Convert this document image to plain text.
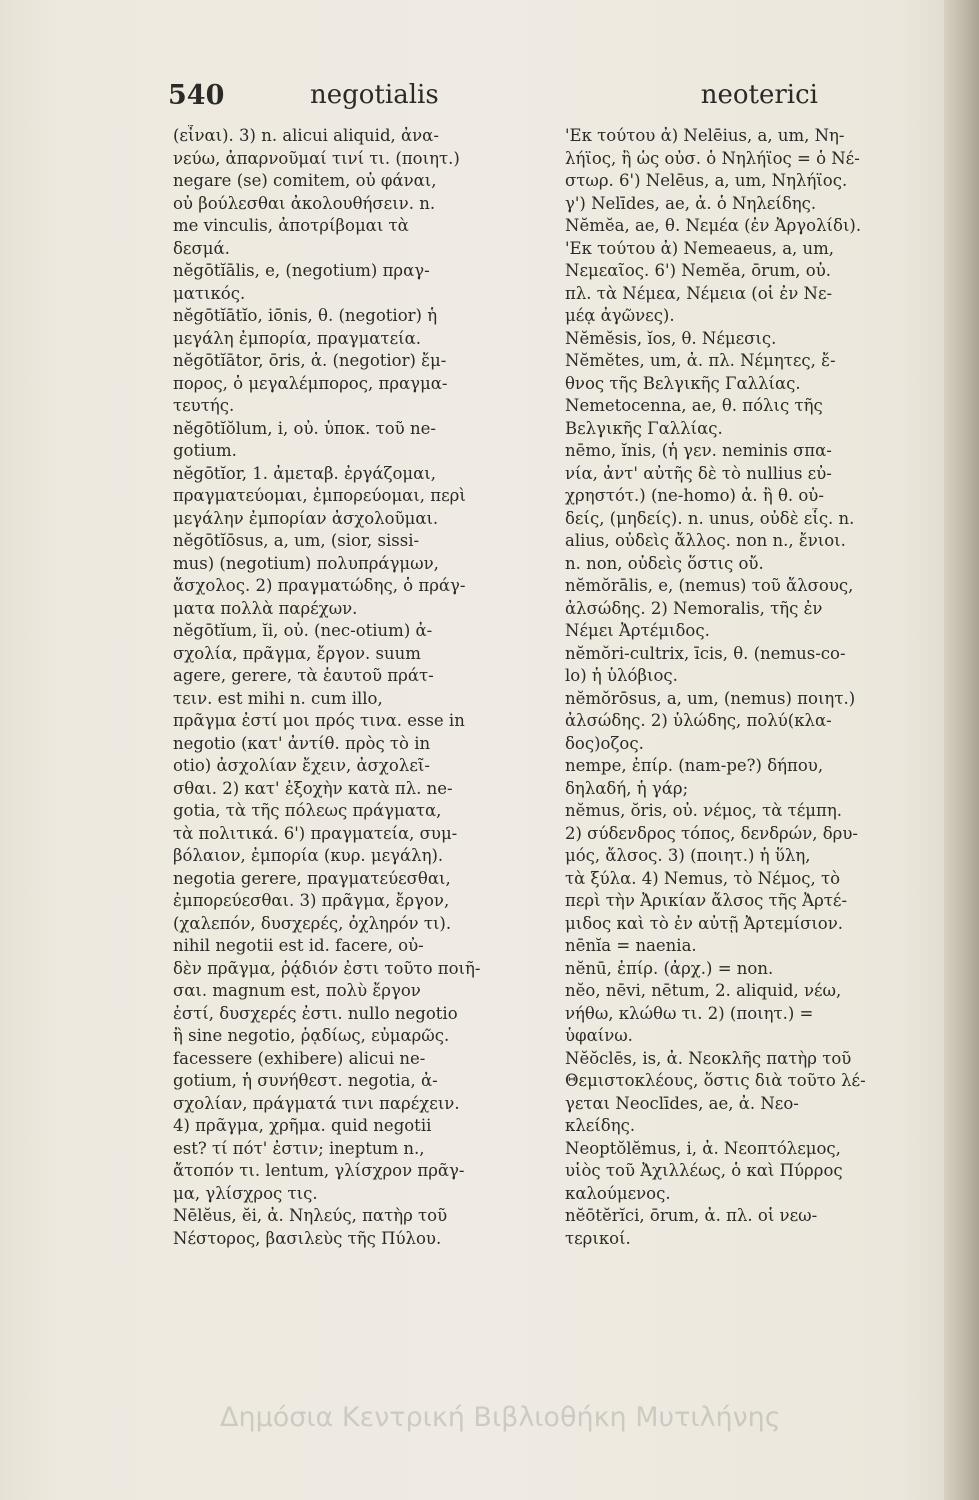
540	negotialis	neoterici
(εἶναι). 3) n. alicui aliquid, ἀνα-
νεύω, ἀπαρνοῦμαί τινί τι. (ποιητ.)
negare (se) comitem, οὐ φάναι,
οὐ βούλεσθαι ἀκολουθήσειν. n.
me vinculis, ἀποτρίβομαι τὰ
δεσμά.
nĕgōtĭālis, e, (negotium) πραγ-
ματικός.
nĕgōtĭātĭo, iōnis, θ. (negotior) ἡ
μεγάλη ἐμπορία, πραγματεία.
nĕgōtĭātor, ōris, ἀ. (negotior) ἔμ-
πορος, ὁ μεγαλέμπορος, πραγμα-
τευτής.
nĕgōtĭŏlum, i, οὐ. ὑποκ. τοῦ ne-
gotium.
nĕgōtĭor, 1. ἀμεταβ. ἐργάζομαι,
πραγματεύομαι, ἐμπορεύομαι, περὶ
μεγάλην ἐμπορίαν ἀσχολοῦμαι.
nĕgōtĭōsus, a, um, (sior, sissi-
mus) (negotium) πολυπράγμων,
ἄσχολος. 2) πραγματώδης, ὁ πράγ-
ματα πολλὰ παρέχων.
nĕgōtĭum, ĭi, οὐ. (nec-otium) ἀ-
σχολία, πρᾶγμα, ἔργον. suum
agere, gerere, τὰ ἑαυτοῦ πράτ-
τειν. est mihi n. cum illo,
πρᾶγμα ἐστί μοι πρός τινα. esse in
negotio (κατ' ἀντίθ. πρὸς τὸ in
otio) ἀσχολίαν ἔχειν, ἀσχολεῖ-
σθαι. 2) κατ' ἐξοχὴν κατὰ πλ. ne-
gotia, τὰ τῆς πόλεως πράγματα,
τὰ πολιτικά. 6') πραγματεία, συμ-
βόλαιον, ἐμπορία (κυρ. μεγάλη).
negotia gerere, πραγματεύεσθαι,
ἐμπορεύεσθαι. 3) πρᾶγμα, ἔργον,
(χαλεπόν, δυσχερές, ὀχληρόν τι).
nihil negotii est id. facere, οὐ-
δὲν πρᾶγμα, ῥᾴδιόν ἐστι τοῦτο ποιῆ-
σαι. magnum est, πολὺ ἔργον
ἐστί, δυσχερές ἐστι. nullo negotio
ἢ sine negotio, ῥᾳδίως, εὐμαρῶς.
facessere (exhibere) alicui ne-
gotium, ἡ συνήθεστ. negotia, ἀ-
σχολίαν, πράγματά τινι παρέχειν.
4) πρᾶγμα, χρῆμα. quid negotii
est? τί πότ' ἐστιν; ineptum n.,
ἄτοπόν τι. lentum, γλίσχρον πρᾶγ-
μα, γλίσχρος τις.
Nēlĕus, ĕi, ἀ. Νηλεύς, πατὴρ τοῦ
Νέστορος, βασιλεὺς τῆς Πύλου.
'Εκ τούτου ἀ) Nelēius, a, um, Νη-
λήϊος, ἢ ὡς οὐσ. ὁ Νηλήϊος = ὁ Νέ-
στωρ. 6') Nelēus, a, um, Νηλήϊος.
γ') Nelīdes, ae, ἀ. ὁ Νηλείδης.
Nĕmĕa, ae, θ. Νεμέα (ἐν Ἀργολίδι).
'Εκ τούτου ἀ) Nemeaeus, a, um,
Νεμεαῖος. 6') Nemĕa, ōrum, οὐ.
πλ. τὰ Νέμεα, Νέμεια (οἱ ἐν Νε-
μέᾳ ἀγῶνες).
Nĕmĕsis, ĭos, θ. Νέμεσις.
Nĕmĕtes, um, ἀ. πλ. Νέμητες, ἔ-
θνος τῆς Βελγικῆς Γαλλίας.
Nemetocenna, ae, θ. πόλις τῆς
Βελγικῆς Γαλλίας.
nēmo, ĭnis, (ἡ γεν. neminis σπα-
νία, ἀντ' αὐτῆς δὲ τὸ nullius εὐ-
χρηστότ.) (ne-homo) ἀ. ἢ θ. οὐ-
δείς, (μηδείς). n. unus, οὐδὲ εἷς. n.
alius, οὐδεὶς ἄλλος. non n., ἔνιοι.
n. non, οὐδεὶς ὅστις οὔ.
nĕmŏrālis, e, (nemus) τοῦ ἄλσους,
ἀλσώδης. 2) Nemoralis, τῆς ἐν
Νέμει Ἀρτέμιδος.
nĕmŏri-cultrix, īcis, θ. (nemus-co-
lo) ἡ ὑλόβιος.
nĕmŏrōsus, a, um, (nemus) ποιητ.)
ἀλσώδης. 2) ὑλώδης, πολύ(κλα-
δος)οζος.
nempe, ἐπίρ. (nam-pe?) δήπου,
δηλαδή, ἡ γάρ;
nĕmus, ŏris, οὐ. νέμος, τὰ τέμπη.
2) σύδενδρος τόπος, δενδρών, δρυ-
μός, ἄλσος. 3) (ποιητ.) ἡ ὕλη,
τὰ ξύλα. 4) Nemus, τὸ Νέμος, τὸ
περὶ τὴν Ἀρικίαν ἄλσος τῆς Ἀρτέ-
μιδος καὶ τὸ ἐν αὐτῇ Ἀρτεμίσιον.
nēnĭa = naenia.
nĕnū, ἐπίρ. (ἀρχ.) = non.
nĕo, nēvi, nētum, 2. aliquid, νέω,
νήθω, κλώθω τι. 2) (ποιητ.) =
ὑφαίνω.
Nĕŏclēs, is, ἀ. Νεοκλῆς πατὴρ τοῦ
Θεμιστοκλέους, ὅστις διὰ τοῦτο λέ-
γεται Neoclīdes, ae, ἀ. Νεο-
κλείδης.
Neoptŏlĕmus, i, ἀ. Νεοπτόλεμος,
υἱὸς τοῦ Ἀχιλλέως, ὁ καὶ Πύρρος
καλούμενος.
nĕōtĕrĭci, ōrum, ἀ. πλ. οἱ νεω-
τερικοί.
Δημόσια Κεντρική Βιβλιοθήκη Μυτιλήνης
